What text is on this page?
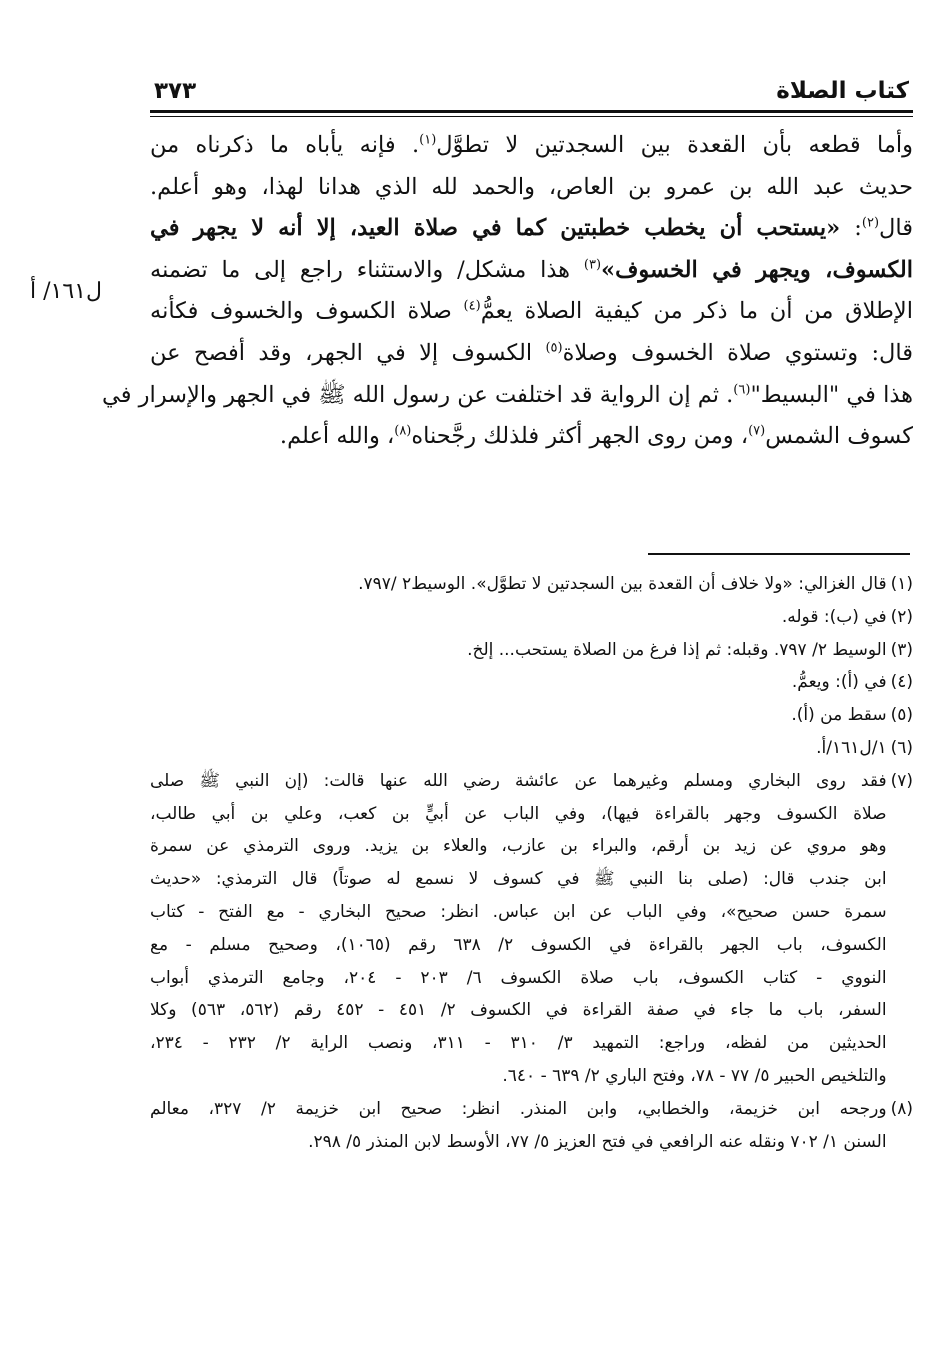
كتاب الصلاة
٣٧٣
وأما قطعه بأن القعدة بين السجدتين لا تطوَّل$^{(١)}$. فإنه يأباه ما ذكرناه من
حديث عبد الله بن عمرو بن العاص، والحمد لله الذي هدانا لهذا، وهو أعلم.
قال$^{(٢)}$: «يستحب أن يخطب خطبتين كما في صلاة العيد، إلا أنه لا يجهر في
الكسوف، ويجهر في الخسوف»$^{(٣)}$ هذا مشكل/ والاستثناء راجع إلى ما تضمنه
الإطلاق من أن ما ذكر من كيفية الصلاة يعمُّ$^{(٤)}$ صلاة الكسوف والخسوف فكأنه
قال: وتستوي صلاة الخسوف وصلاة$^{(٥)}$ الكسوف إلا في الجهر، وقد أفصح عن
هذا في "البسيط"$^{(٦)}$. ثم إن الرواية قد اختلفت عن رسول الله ﷺ في الجهر والإسرار في
كسوف الشمس$^{(٧)}$، ومن روى الجهر أكثر فلذلك رجَّحناه$^{(٨)}$، والله أعلم.
ل١٦١/ أ
(١)
قال الغزالي: «ولا خلاف أن القعدة بين السجدتين لا تطوَّل». الوسيط٢ /٧٩٧.
(٢)
في (ب): قوله.
(٣)
الوسيط ٢/ ٧٩٧. وقبله: ثم إذا فرغ من الصلاة يستحب... إلخ.
(٤)
في (أ): ويعمُّ.
(٥)
سقط من (أ).
(٦)
١/ل١٦١/أ.
(٧)
فقد روى البخاري ومسلم وغيرهما عن عائشة رضي الله عنها قالت: (إن النبي ﷺ صلى
صلاة الكسوف وجهر بالقراءة فيها)، وفي الباب عن أبيٍّ بن كعب، وعلي بن أبي طالب،
وهو مروي عن زيد بن أرقم، والبراء بن عازب، والعلاء بن يزيد. وروى الترمذي عن سمرة
ابن جندب قال: (صلى بنا النبي ﷺ في كسوف لا نسمع له صوتاً) قال الترمذي: «حديث
سمرة حسن صحيح»، وفي الباب عن ابن عباس. انظر: صحيح البخاري - مع الفتح - كتاب
الكسوف، باب الجهر بالقراءة في الكسوف ٢/ ٦٣٨ رقم (١٠٦٥)، وصحيح مسلم - مع
النووي - كتاب الكسوف، باب صلاة الكسوف ٦/ ٢٠٣ - ٢٠٤، وجامع الترمذي أبواب
السفر، باب ما جاء في صفة القراءة في الكسوف ٢/ ٤٥١ - ٤٥٢ رقم (٥٦٢، ٥٦٣) وكلا
الحديثين من لفظه، وراجع: التمهيد ٣/ ٣١٠ - ٣١١، ونصب الراية ٢/ ٢٣٢ - ٢٣٤،
والتلخيص الحبير ٥/ ٧٧ - ٧٨، وفتح الباري ٢/ ٦٣٩ - ٦٤٠.
(٨)
ورجحه ابن خزيمة، والخطابي، وابن المنذر. انظر: صحيح ابن خزيمة ٢/ ٣٢٧، معالم
السنن ١/ ٧٠٢ ونقله عنه الرافعي في فتح العزيز ٥/ ٧٧، الأوسط لابن المنذر ٥/ ٢٩٨.
